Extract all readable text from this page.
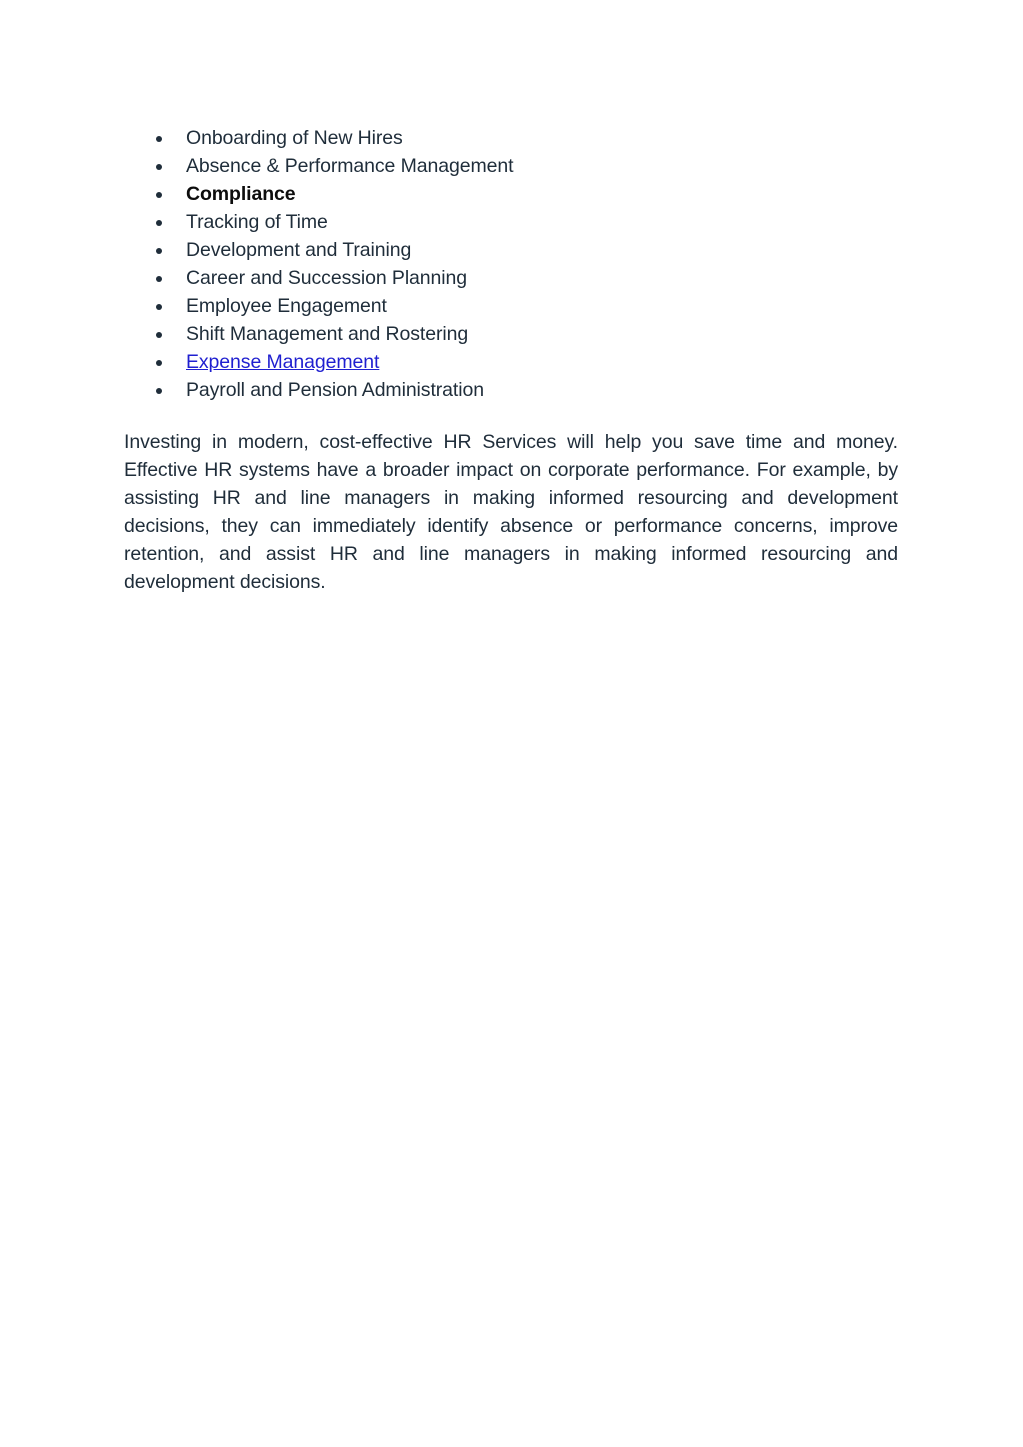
Onboarding of New Hires
Absence & Performance Management
Compliance
Tracking of Time
Development and Training
Career and Succession Planning
Employee Engagement
Shift Management and Rostering
Expense Management
Payroll and Pension Administration

Investing in modern, cost-effective HR Services will help you save time and money. Effective HR systems have a broader impact on corporate performance. For example, by assisting HR and line managers in making informed resourcing and development decisions, they can immediately identify absence or performance concerns, improve retention, and assist HR and line managers in making informed resourcing and development decisions.
